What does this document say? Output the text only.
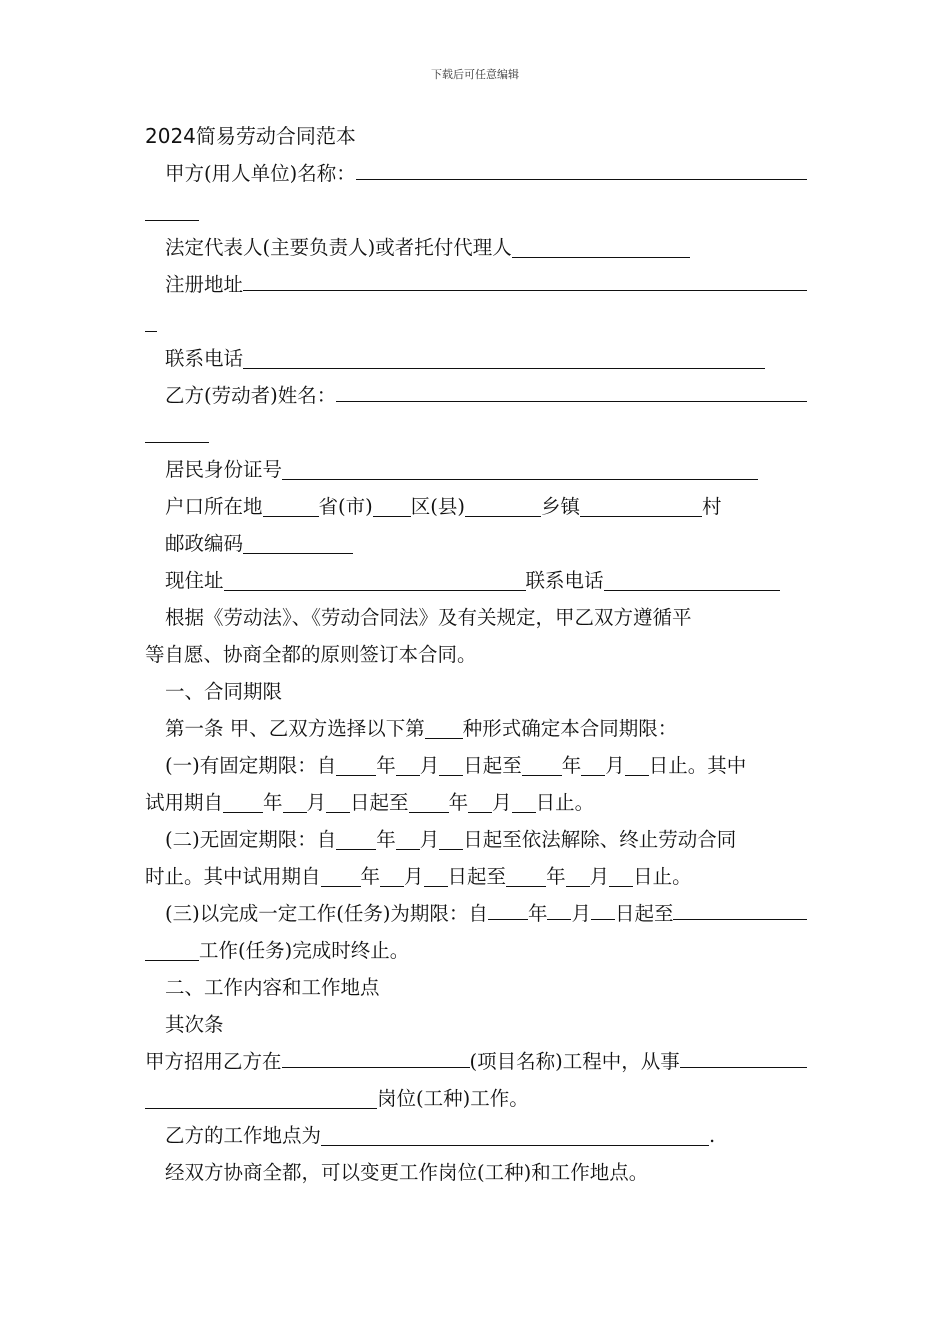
下载后可任意编辑
2024简易劳动合同范本
甲方(用人单位)名称：
法定代表人(主要负责人)或者托付代理人
注册地址
联系电话
乙方(劳动者)姓名：
居民身份证号
户口所在地	省(市) 区(县)	乡镇	村
邮政编码
现住址	联系电话
根据《劳动法》、《劳动合同法》及有关规定，甲乙双方遵循平
等自愿、协商全都的原则签订本合同。
一、合同期限
第一条 甲、乙双方选择以下第 种形式确定本合同期限：
(一)有固定期限：自 年 月 日起至 年 月 日止。其中
试用期自 年 月 日起至 年 月 日止。
(二)无固定期限：自 年 月 日起至依法解除、终止劳动合同
时止。其中试用期自 年 月 日起至 年 月 日止。
(三)以完成一定工作(任务)为期限：自 年 月 日起至
工作(任务)完成时终止。
二、工作内容和工作地点
其次条
甲方招用乙方在	(项目名称)工程中，从事
岗位(工种)工作。
乙方的工作地点为	.
经双方协商全都，可以变更工作岗位(工种)和工作地点。
